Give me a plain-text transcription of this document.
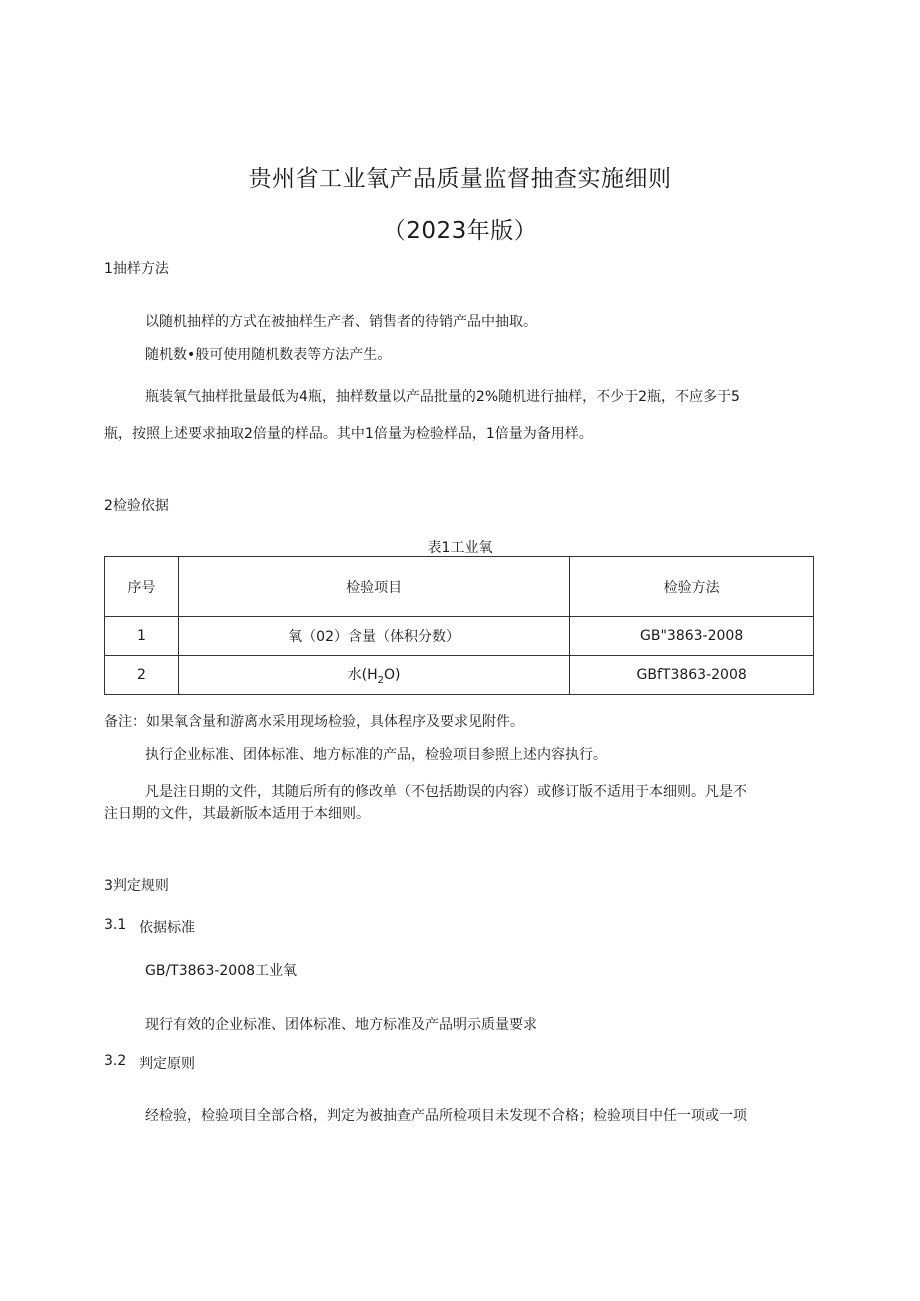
贵州省工业氧产品质量监督抽查实施细则
（2023年版）
1抽样方法
以随机抽样的方式在被抽样生产者、销售者的待销产品中抽取。
随机数•般可使用随机数表等方法产生。
瓶装氧气抽样批量最低为4瓶，抽样数量以产品批量的2%随机进行抽样，不少于2瓶，不应多于5
瓶，按照上述要求抽取2倍量的样品。其中1倍量为检验样品，1倍量为备用样。
2检验依据
表1工业氧
序号	检验项目	检验方法
1	氧（02）含量（体积分数）	GB"3863-2008
2	水$(H_2O)$	GBfT3863-2008
备注：如果氧含量和游离水采用现场检验，具体程序及要求见附件。
执行企业标准、团体标准、地方标准的产品，检验项目参照上述内容执行。
凡是注日期的文件，其随后所有的修改单（不包括勘误的内容）或修订版不适用于本细则。凡是不
注日期的文件，其最新版本适用于本细则。
3判定规则
3.1 依据标准
GB/T3863-2008工业氧
现行有效的企业标准、团体标准、地方标准及产品明示质量要求
3.2 判定原则
经检验，检验项目全部合格，判定为被抽查产品所检项目未发现不合格；检验项目中任一项或一项
